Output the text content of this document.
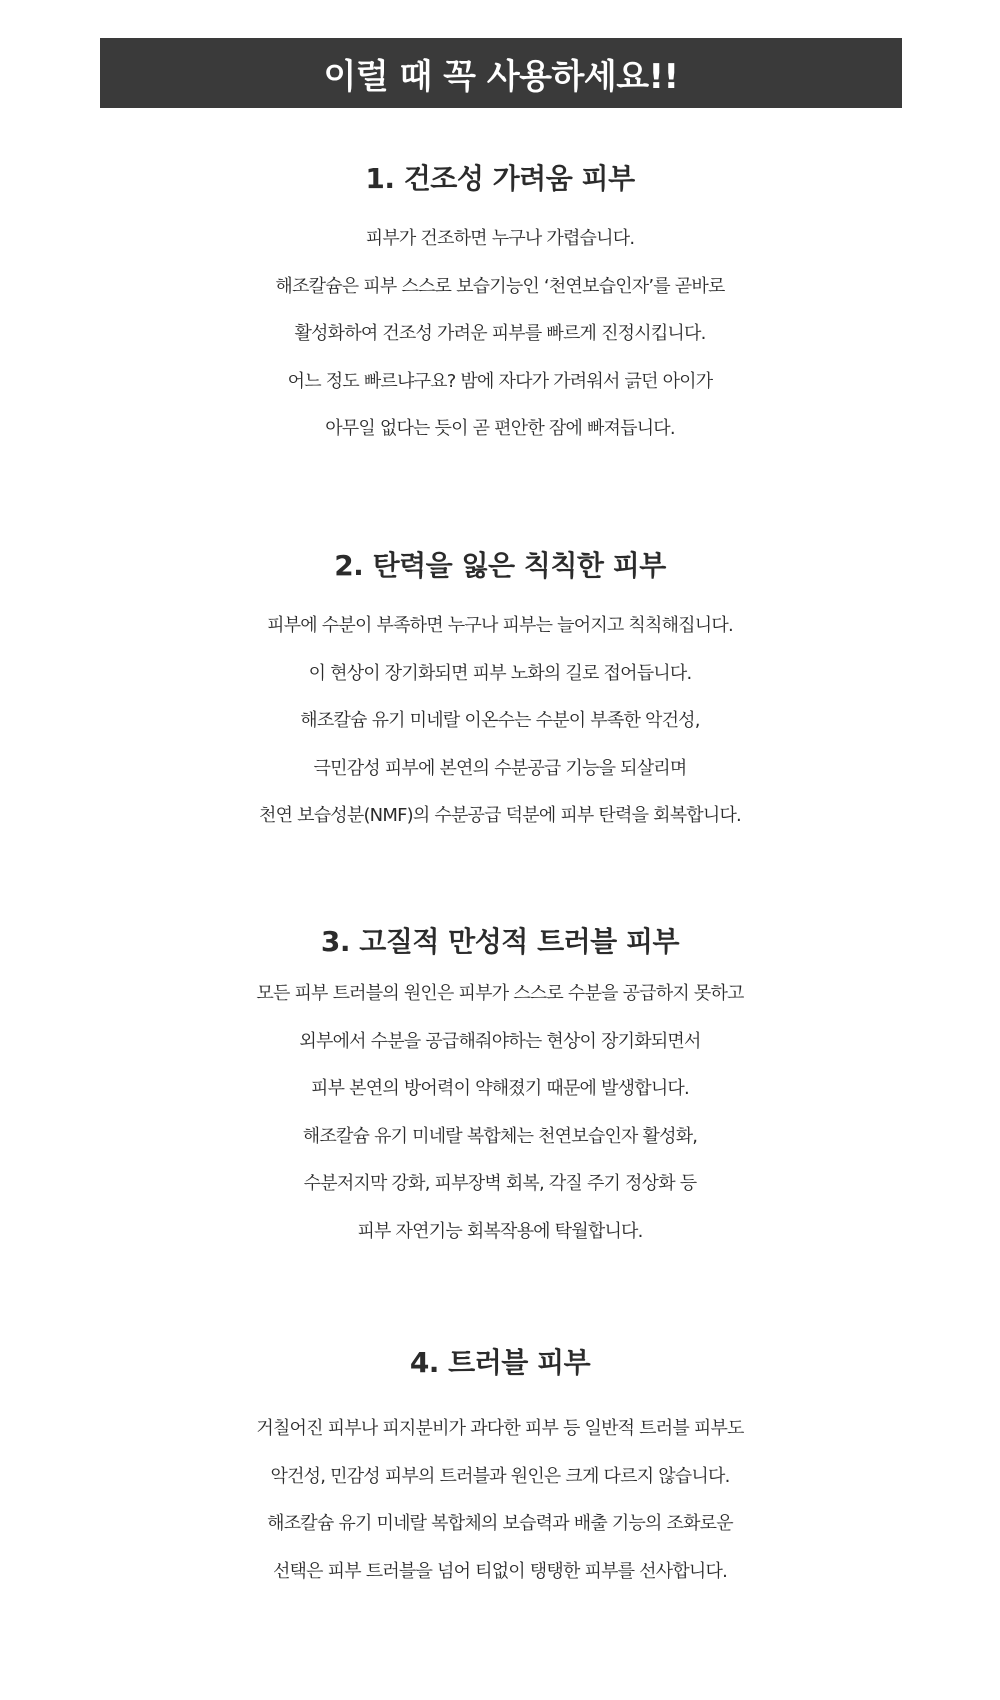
이럴 때 꼭 사용하세요!!
1. 건조성 가려움 피부
피부가 건조하면 누구나 가렵습니다.
해조칼슘은 피부 스스로 보습기능인 ‘천연보습인자’를 곧바로
활성화하여 건조성 가려운 피부를 빠르게 진정시킵니다.
어느 정도 빠르냐구요? 밤에 자다가 가려워서 긁던 아이가
아무일 없다는 듯이 곧 편안한 잠에 빠져듭니다.
2. 탄력을 잃은 칙칙한 피부
피부에 수분이 부족하면 누구나 피부는 늘어지고 칙칙해집니다.
이 현상이 장기화되면 피부 노화의 길로 접어듭니다.
해조칼슘 유기 미네랄 이온수는 수분이 부족한 악건성,
극민감성 피부에 본연의 수분공급 기능을 되살리며
천연 보습성분(NMF)의 수분공급 덕분에 피부 탄력을 회복합니다.
3. 고질적 만성적 트러블 피부
모든 피부 트러블의 원인은 피부가 스스로 수분을 공급하지 못하고
외부에서 수분을 공급해줘야하는 현상이 장기화되면서
피부 본연의 방어력이 약해졌기 때문에 발생합니다.
해조칼슘 유기 미네랄 복합체는 천연보습인자 활성화,
수분저지막 강화, 피부장벽 회복, 각질 주기 정상화 등
피부 자연기능 회복작용에 탁월합니다.
4. 트러블 피부
거칠어진 피부나 피지분비가 과다한 피부 등 일반적 트러블 피부도
악건성, 민감성 피부의 트러블과 원인은 크게 다르지 않습니다.
해조칼슘 유기 미네랄 복합체의 보습력과 배출 기능의 조화로운
선택은 피부 트러블을 넘어 티없이 탱탱한 피부를 선사합니다.
